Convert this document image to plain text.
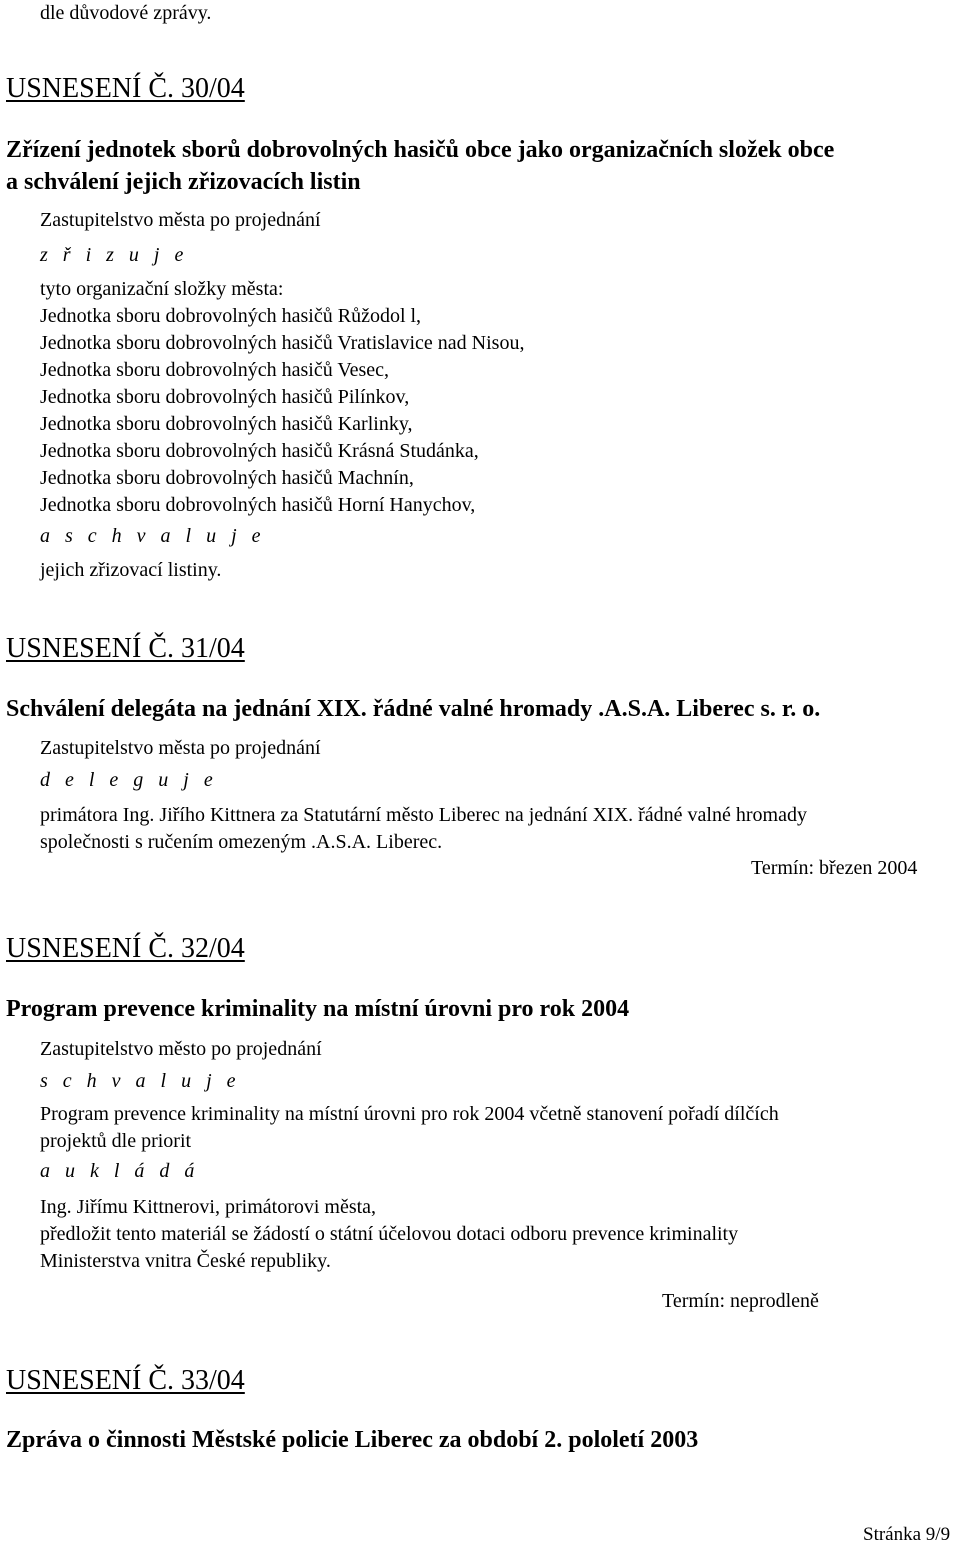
dle důvodové zprávy.
USNESENÍ Č. 30/04
Zřízení jednotek sborů dobrovolných hasičů obce jako organizačních složek obce
a schválení jejich zřizovacích listin
Zastupitelstvo města po projednání
z ř i z u j e
tyto organizační složky města:
Jednotka sboru dobrovolných hasičů Růžodol l,
Jednotka sboru dobrovolných hasičů Vratislavice nad Nisou,
Jednotka sboru dobrovolných hasičů Vesec,
Jednotka sboru dobrovolných hasičů Pilínkov,
Jednotka sboru dobrovolných hasičů Karlinky,
Jednotka sboru dobrovolných hasičů Krásná Studánka,
Jednotka sboru dobrovolných hasičů Machnín,
Jednotka sboru dobrovolných hasičů Horní Hanychov,
a s c h v a l u j e
jejich zřizovací listiny.
USNESENÍ Č. 31/04
Schválení delegáta na jednání XIX. řádné valné hromady .A.S.A. Liberec s. r. o.
Zastupitelstvo města po projednání
d e l e g u j e
primátora Ing. Jiřího Kittnera za Statutární město Liberec na jednání XIX. řádné valné hromady
společnosti s ručením omezeným .A.S.A. Liberec.
Termín: březen 2004
USNESENÍ Č. 32/04
Program prevence kriminality na místní úrovni pro rok 2004
Zastupitelstvo město po projednání
s c h v a l u j e
Program prevence kriminality na místní úrovni pro rok 2004 včetně stanovení pořadí dílčích
projektů dle priorit
a u k l á d á
Ing. Jiřímu Kittnerovi, primátorovi města,
předložit tento materiál se žádostí o státní účelovou dotaci odboru prevence kriminality
Ministerstva vnitra České republiky.
Termín: neprodleně
USNESENÍ Č. 33/04
Zpráva o činnosti Městské policie Liberec za období 2. pololetí 2003
Stránka 9/9
